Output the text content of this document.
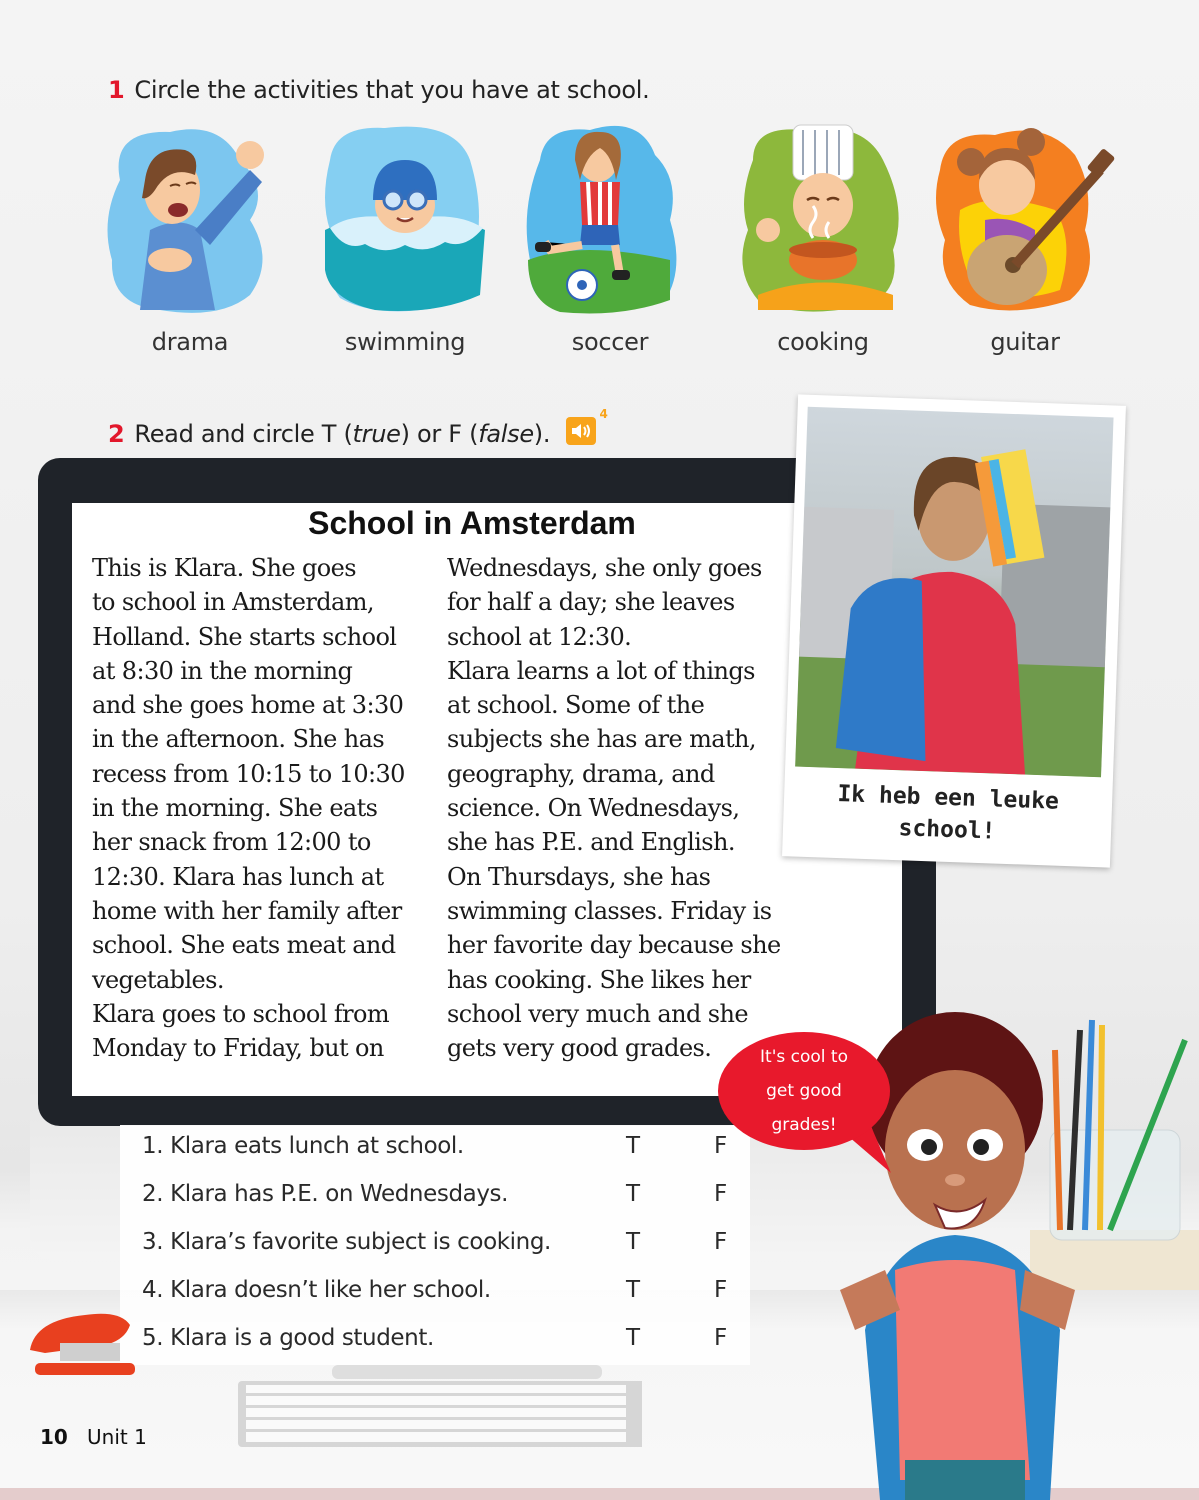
1 Circle the activities that you have at school.
drama	swimming	soccer	cooking	guitar
2 Read and circle T (true) or F (false).
4
School in Amsterdam

This is Klara. She goes

to school in Amsterdam,

Holland. She starts school

at 8:30 in the morning

and she goes home at 3:30

in the afternoon. She has

recess from 10:15 to 10:30

in the morning. She eats

her snack from 12:00 to

12:30. Klara has lunch at

home with her family after

school. She eats meat and

vegetables.

Klara goes to school from

Monday to Friday, but on

Wednesdays, she only goes

for half a day; she leaves

school at 12:30.

Klara learns a lot of things

at school. Some of the

subjects she has are math,

geography, drama, and

science. On Wednesdays,

she has P.E. and English.

On Thursdays, she has

swimming classes. Friday is

her favorite day because she

has cooking. She likes her

school very much and she

gets very good grades.

Ik heb een leuke
school!
1. Klara eats lunch at school.	T	F
2. Klara has P.E. on Wednesdays.	T	F
3. Klara’s favorite subject is cooking.	T	F
4. Klara doesn’t like her school.	T	F
5. Klara is a good student.	T	F
It's cool to
get good
grades!
10 Unit 1
